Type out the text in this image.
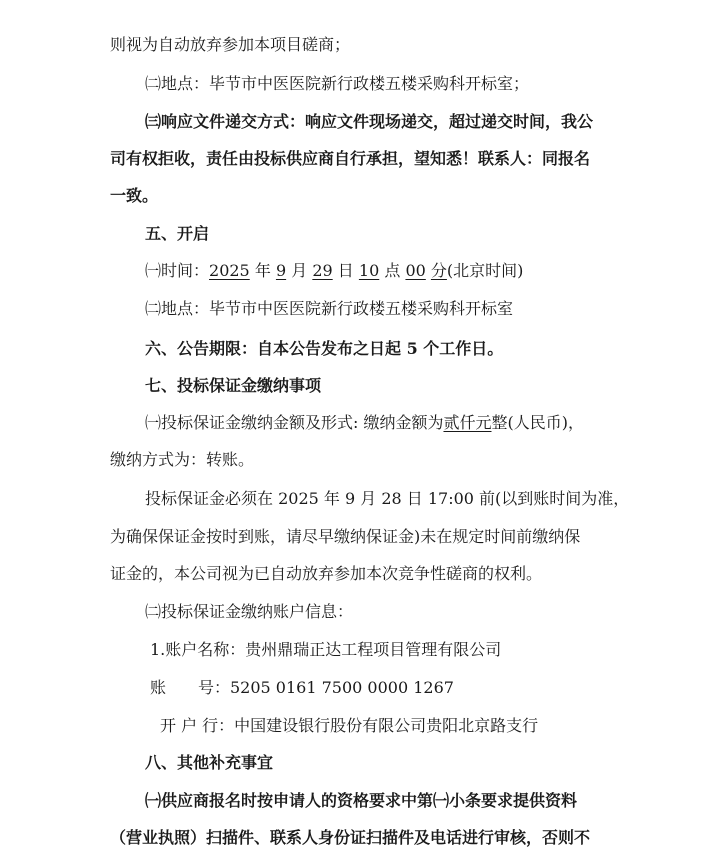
则视为自动放弃参加本项目磋商；
㈡地点：毕节市中医医院新行政楼五楼采购科开标室；
㈢响应文件递交方式：响应文件现场递交，超过递交时间，我公
司有权拒收，责任由投标供应商自行承担，望知悉！联系人：同报名
一致。
五、开启
㈠时间：2025 年 9 月 29 日 10 点 00 分(北京时间)
㈡地点：毕节市中医医院新行政楼五楼采购科开标室
六、公告期限：自本公告发布之日起 5 个工作日。
七、投标保证金缴纳事项
㈠投标保证金缴纳金额及形式: 缴纳金额为贰仟元整(人民币)，
缴纳方式为：转账。
投标保证金必须在 2025 年 9 月 28 日 17:00 前(以到账时间为准，
为确保保证金按时到账，请尽早缴纳保证金)未在规定时间前缴纳保
证金的，本公司视为已自动放弃参加本次竞争性磋商的权利。
㈡投标保证金缴纳账户信息：
1.账户名称：贵州鼎瑞正达工程项目管理有限公司
账　　号：5205 0161 7500 0000 1267
开 户 行：中国建设银行股份有限公司贵阳北京路支行
八、其他补充事宜
㈠供应商报名时按申请人的资格要求中第㈠小条要求提供资料
（营业执照）扫描件、联系人身份证扫描件及电话进行审核，否则不
